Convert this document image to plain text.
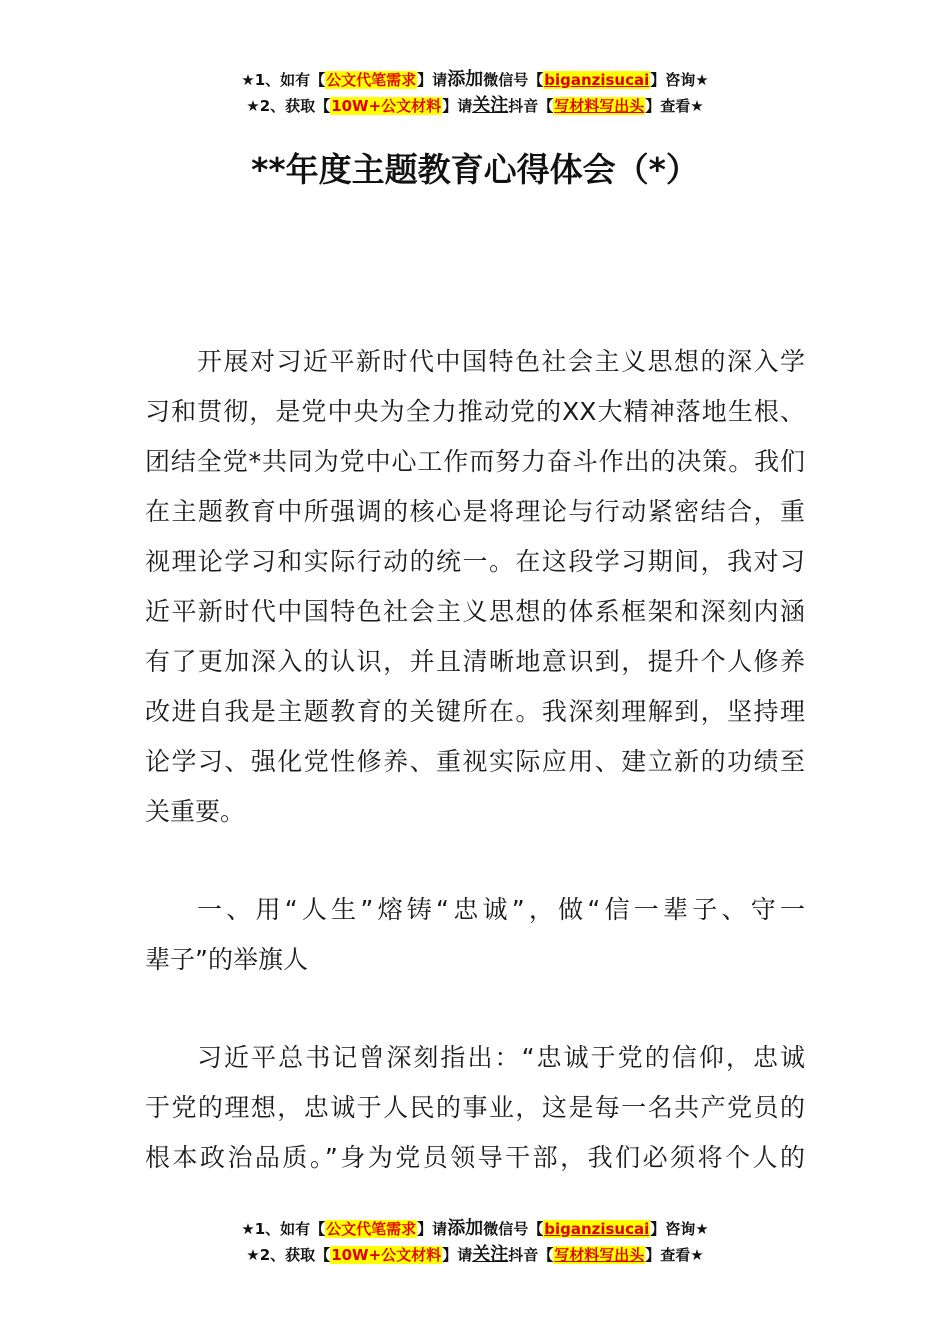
★1、如有【公文代笔需求】请添加微信号【biganzisucai】咨询★
★2、获取【10W+公文材料】请关注抖音【写材料写出头】查看★
**年度主题教育心得体会（*）
开展对习近平新时代中国特色社会主义思想的深入学
习和贯彻，是党中央为全力推动党的XX大精神落地生根、
团结全党*共同为党中心工作而努力奋斗作出的决策。我们
在主题教育中所强调的核心是将理论与行动紧密结合，重
视理论学习和实际行动的统一。在这段学习期间，我对习
近平新时代中国特色社会主义思想的体系框架和深刻内涵
有了更加深入的认识，并且清晰地意识到，提升个人修养
改进自我是主题教育的关键所在。我深刻理解到，坚持理
论学习、强化党性修养、重视实际应用、建立新的功绩至
关重要。
一、用“人生”熔铸“忠诚”，做“信一辈子、守一
辈子”的举旗人
习近平总书记曾深刻指出：“忠诚于党的信仰，忠诚
于党的理想，忠诚于人民的事业，这是每一名共产党员的
根本政治品质。”身为党员领导干部，我们必须将个人的
★1、如有【公文代笔需求】请添加微信号【biganzisucai】咨询★
★2、获取【10W+公文材料】请关注抖音【写材料写出头】查看★
